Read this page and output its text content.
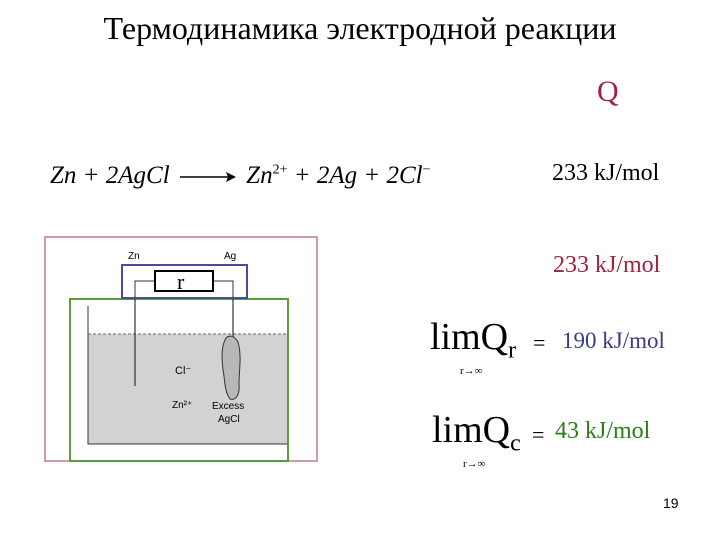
Термодинамика электродной реакции
Q
Zn + 2AgCl → $Zn^{2+} + 2Ag + 2Cl^-$	233 kJ/mol
233 kJ/mol
limQ$_r$
r→∞
= 190 kJ/mol
limQ$_c$
r→∞
= 43 kJ/mol
r
Zn	Ag
Cl⁻
Zn²⁺ Excess
AgCl
19
